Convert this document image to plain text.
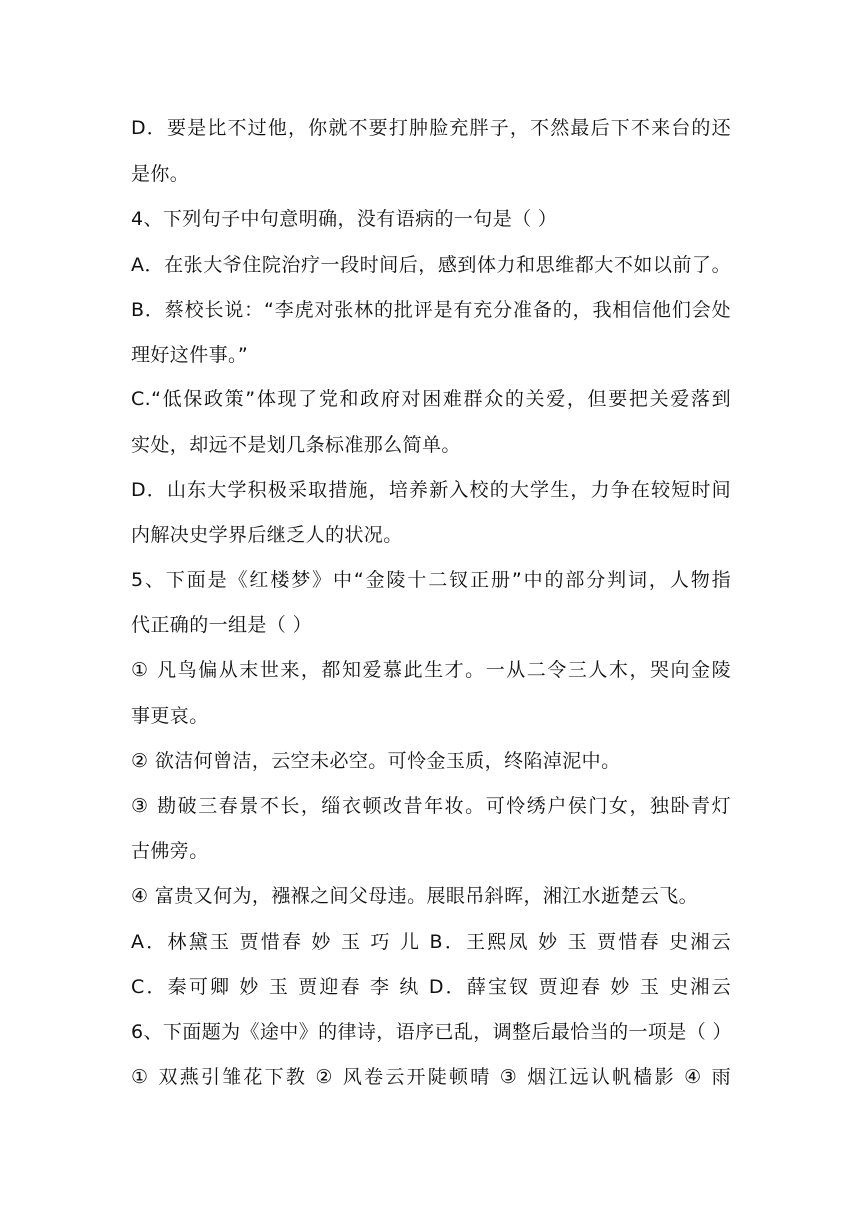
D．要是比不过他，你就不要打肿脸充胖子，不然最后下不来台的还
是你。
4、下列句子中句意明确，没有语病的一句是（ ）
A．在张大爷住院治疗一段时间后，感到体力和思维都大不如以前了。
B．蔡校长说：“李虎对张林的批评是有充分准备的，我相信他们会处
理好这件事。”
C.“低保政策”体现了党和政府对困难群众的关爱，但要把关爱落到
实处，却远不是划几条标准那么简单。
D．山东大学积极采取措施，培养新入校的大学生，力争在较短时间
内解决史学界后继乏人的状况。
5、下面是《红楼梦》中“金陵十二钗正册”中的部分判词，人物指
代正确的一组是（ ）
① 凡鸟偏从末世来，都知爱慕此生才。一从二令三人木，哭向金陵
事更哀。
② 欲洁何曾洁，云空未必空。可怜金玉质，终陷淖泥中。
③ 勘破三春景不长，缁衣顿改昔年妆。可怜绣户侯门女，独卧青灯
古佛旁。
④ 富贵又何为，襁褓之间父母违。展眼吊斜晖，湘江水逝楚云飞。
A．林黛玉 贾惜春 妙 玉 巧 儿 B．王熙凤 妙 玉 贾惜春 史湘云
C．秦可卿 妙 玉 贾迎春 李 纨 D．薛宝钗 贾迎春 妙 玉 史湘云
6、下面题为《途中》的律诗，语序已乱，调整后最恰当的一项是（ ）
① 双燕引雏花下教 ② 风卷云开陡顿晴 ③ 烟江远认帆樯影 ④ 雨
